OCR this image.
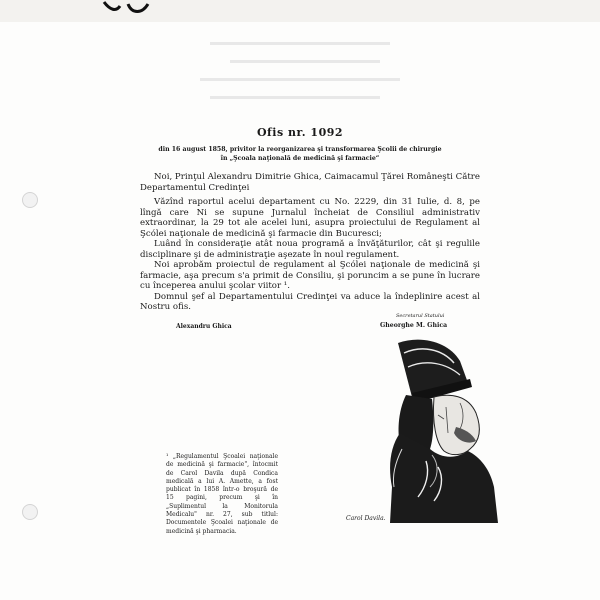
Ofis nr. 1092
din 16 august 1858, privitor la reorganizarea şi transformarea Şcolii de chirurgie
în „Şcoala naţională de medicină şi farmacie“

Noi, Prinţul Alexandru Dimitrie Ghica, Caimacamul Ţărei Româneşti Către Departamentul Credinţei

Văzînd raportul acelui departament cu No. 2229, din 31 Iulie, d. 8, pe lîngă care Ni se supune Jurnalul încheiat de Consiliul administrativ extraordinar, la 29 tot ale acelei luni, asupra proiectului de Regulament al Şcólei naţionale de medicină şi farmacie din Bucuresci;

Luând în consideraţie atât noua programă a învăţăturilor, cât şi regulile disciplinare şi de administraţie aşezate în noul regulament.

Noi aprobăm proiectul de regulament al Şcólei naţionale de medicină şi farmacie, aşa precum s'a primit de Consiliu, şi poruncim a se pune în lucrare cu începerea anului şcolar viitor ¹.

Domnul şef al Departamentului Credinţei va aduce la îndeplinire acest al Nostru ofis.

Alexandru Ghica
Secretarul Statului
Gheorghe M. Ghica
¹ „Regulamentul Şcoalei naţionale de medicină şi farmacie", întocmit de Carol Davila după Condica medicală a lui A. Amette, a fost publicat în 1858 într-o broşură de 15 pagini, precum şi în „Suplimentul la Monitorula Medicalu" nr. 27, sub titlul: Documentele Şcoalei naţionale de medicină şi pharmacia.
Carol Davila.
